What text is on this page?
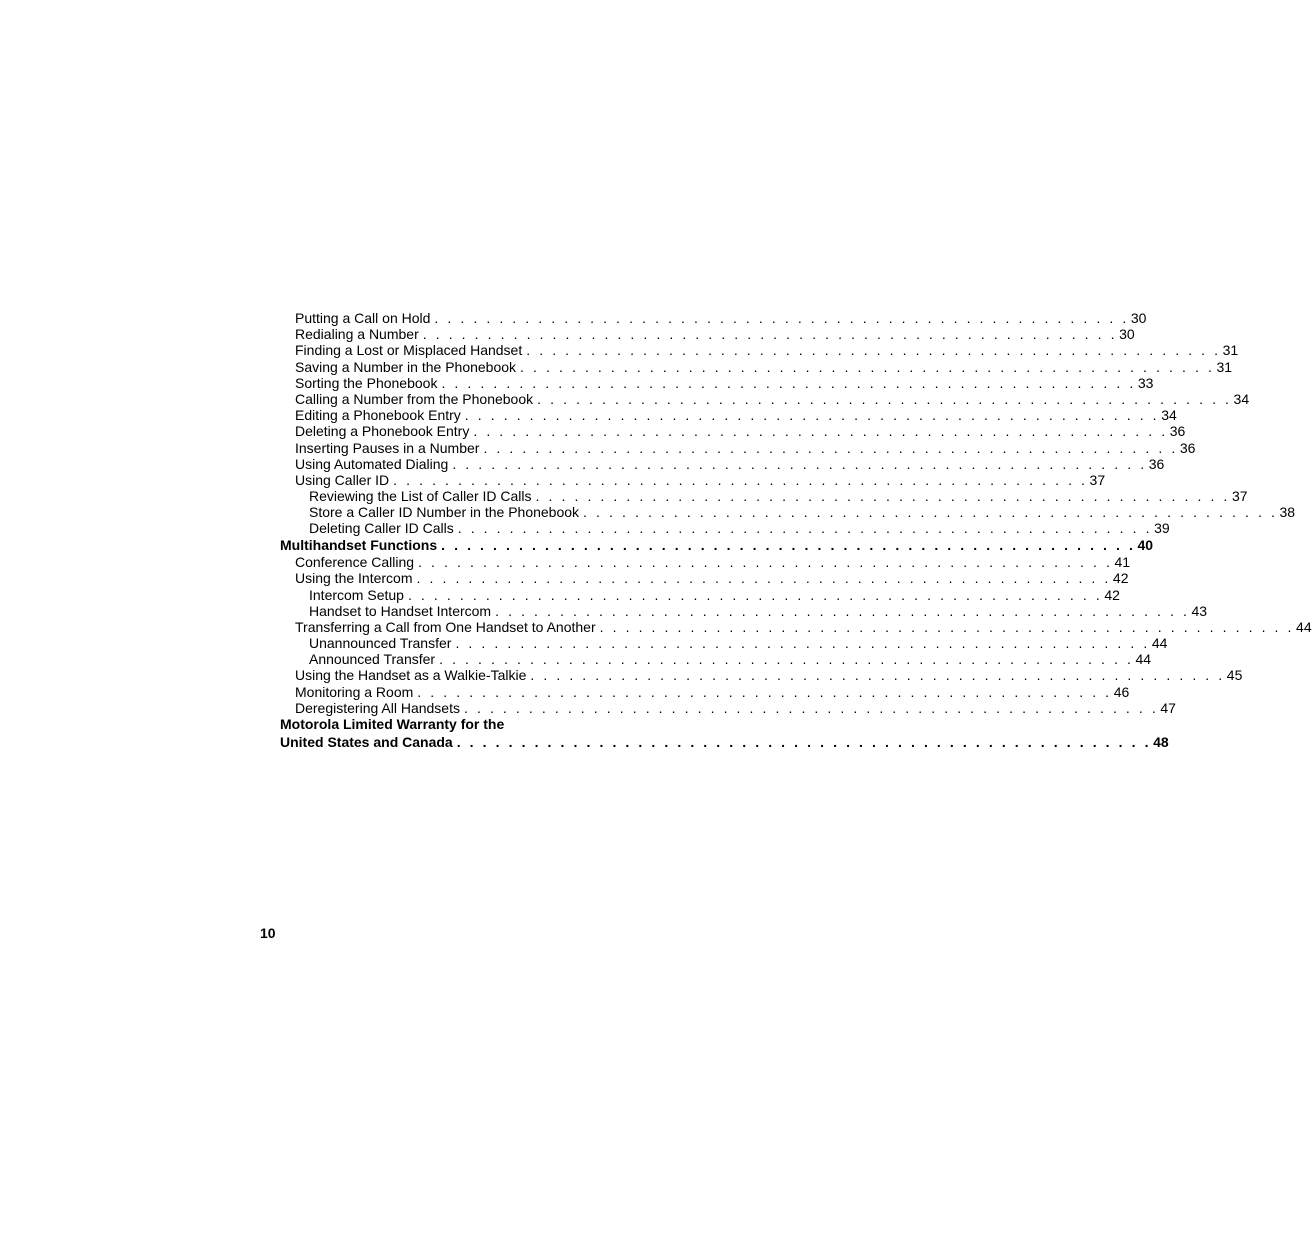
Putting a Call on Hold . . . . . . . . . . . . . . . . . . . . . . . . . . . . . . . . . . . . . . . . . . . . . . . . . . . . . . 30
Redialing a Number . . . . . . . . . . . . . . . . . . . . . . . . . . . . . . . . . . . . . . . . . . . . . . . . . . . . . . 30
Finding a Lost or Misplaced Handset . . . . . . . . . . . . . . . . . . . . . . . . . . . . . . . . . . . . . . . . . . . . . . . . . . . . . . 31
Saving a Number in the Phonebook . . . . . . . . . . . . . . . . . . . . . . . . . . . . . . . . . . . . . . . . . . . . . . . . . . . . . . 31
Sorting the Phonebook . . . . . . . . . . . . . . . . . . . . . . . . . . . . . . . . . . . . . . . . . . . . . . . . . . . . . . 33
Calling a Number from the Phonebook . . . . . . . . . . . . . . . . . . . . . . . . . . . . . . . . . . . . . . . . . . . . . . . . . . . . . . 34
Editing a Phonebook Entry . . . . . . . . . . . . . . . . . . . . . . . . . . . . . . . . . . . . . . . . . . . . . . . . . . . . . . 34
Deleting a Phonebook Entry . . . . . . . . . . . . . . . . . . . . . . . . . . . . . . . . . . . . . . . . . . . . . . . . . . . . . . 36
Inserting Pauses in a Number . . . . . . . . . . . . . . . . . . . . . . . . . . . . . . . . . . . . . . . . . . . . . . . . . . . . . . 36
Using Automated Dialing . . . . . . . . . . . . . . . . . . . . . . . . . . . . . . . . . . . . . . . . . . . . . . . . . . . . . . 36
Using Caller ID . . . . . . . . . . . . . . . . . . . . . . . . . . . . . . . . . . . . . . . . . . . . . . . . . . . . . . 37
Reviewing the List of Caller ID Calls . . . . . . . . . . . . . . . . . . . . . . . . . . . . . . . . . . . . . . . . . . . . . . . . . . . . . . 37
Store a Caller ID Number in the Phonebook . . . . . . . . . . . . . . . . . . . . . . . . . . . . . . . . . . . . . . . . . . . . . . . . . . . . . . 38
Deleting Caller ID Calls . . . . . . . . . . . . . . . . . . . . . . . . . . . . . . . . . . . . . . . . . . . . . . . . . . . . . . 39
Multihandset Functions . . . . . . . . . . . . . . . . . . . . . . . . . . . . . . . . . . . . . . . . . . . . . . . . . . . . . . 40
Conference Calling . . . . . . . . . . . . . . . . . . . . . . . . . . . . . . . . . . . . . . . . . . . . . . . . . . . . . . 41
Using the Intercom . . . . . . . . . . . . . . . . . . . . . . . . . . . . . . . . . . . . . . . . . . . . . . . . . . . . . . 42
Intercom Setup . . . . . . . . . . . . . . . . . . . . . . . . . . . . . . . . . . . . . . . . . . . . . . . . . . . . . . 42
Handset to Handset Intercom . . . . . . . . . . . . . . . . . . . . . . . . . . . . . . . . . . . . . . . . . . . . . . . . . . . . . . 43
Transferring a Call from One Handset to Another . . . . . . . . . . . . . . . . . . . . . . . . . . . . . . . . . . . . . . . . . . . . . . . . . . . . . . 44
Unannounced Transfer . . . . . . . . . . . . . . . . . . . . . . . . . . . . . . . . . . . . . . . . . . . . . . . . . . . . . . 44
Announced Transfer . . . . . . . . . . . . . . . . . . . . . . . . . . . . . . . . . . . . . . . . . . . . . . . . . . . . . . 44
Using the Handset as a Walkie-Talkie . . . . . . . . . . . . . . . . . . . . . . . . . . . . . . . . . . . . . . . . . . . . . . . . . . . . . . 45
Monitoring a Room . . . . . . . . . . . . . . . . . . . . . . . . . . . . . . . . . . . . . . . . . . . . . . . . . . . . . . 46
Deregistering All Handsets . . . . . . . . . . . . . . . . . . . . . . . . . . . . . . . . . . . . . . . . . . . . . . . . . . . . . . 47
Motorola Limited Warranty for the
United States and Canada . . . . . . . . . . . . . . . . . . . . . . . . . . . . . . . . . . . . . . . . . . . . . . . . . . . . . . 48
10
